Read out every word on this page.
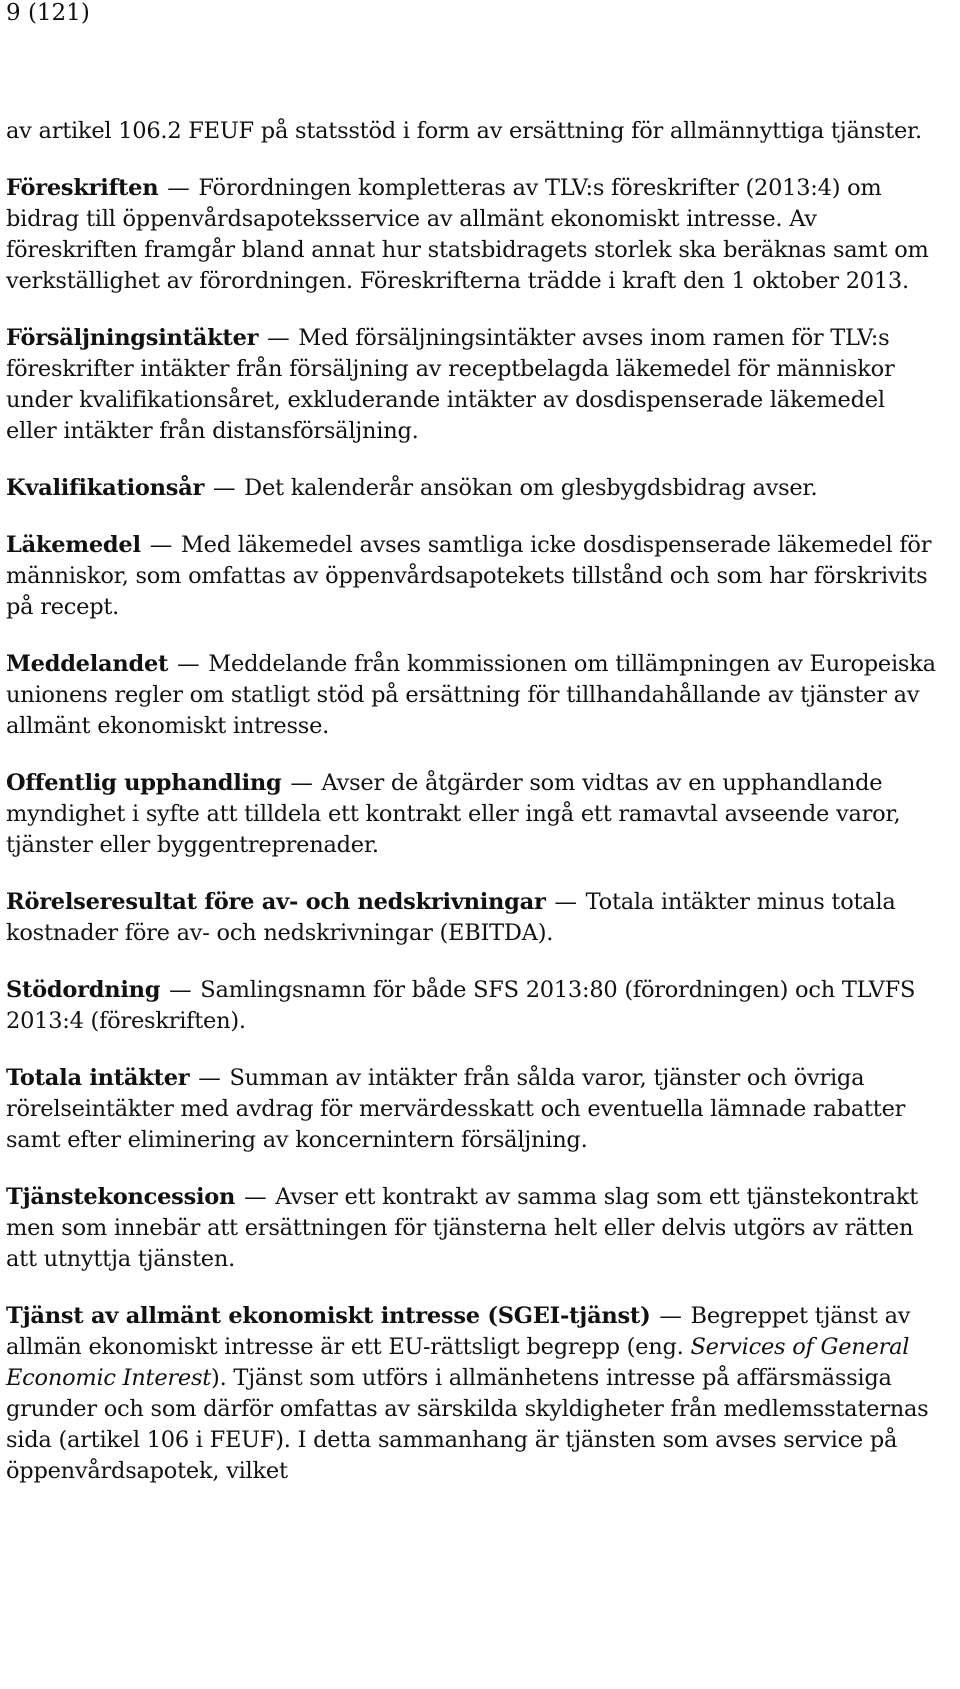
9 (121)

av artikel 106.2 FEUF på statsstöd i form av ersättning för allmännyttiga tjänster.

Föreskriften — Förordningen kompletteras av TLV:s föreskrifter (2013:4) om bidrag till öppenvårdsapoteksservice av allmänt ekonomiskt intresse. Av föreskriften framgår bland annat hur statsbidragets storlek ska beräknas samt om verkställighet av förordningen. Föreskrifterna trädde i kraft den 1 oktober 2013.

Försäljningsintäkter — Med försäljningsintäkter avses inom ramen för TLV:s föreskrifter intäkter från försäljning av receptbelagda läkemedel för människor under kvalifikationsåret, exkluderande intäkter av dosdispenserade läkemedel eller intäkter från distansförsäljning.

Kvalifikationsår — Det kalenderår ansökan om glesbygdsbidrag avser.

Läkemedel — Med läkemedel avses samtliga icke dosdispenserade läkemedel för människor, som omfattas av öppenvårdsapotekets tillstånd och som har förskrivits på recept.

Meddelandet — Meddelande från kommissionen om tillämpningen av Europeiska unionens regler om statligt stöd på ersättning för tillhandahållande av tjänster av allmänt ekonomiskt intresse.

Offentlig upphandling — Avser de åtgärder som vidtas av en upphandlande myndighet i syfte att tilldela ett kontrakt eller ingå ett ramavtal avseende varor, tjänster eller byggentreprenader.

Rörelseresultat före av- och nedskrivningar — Totala intäkter minus totala kostnader före av- och nedskrivningar (EBITDA).

Stödordning — Samlingsnamn för både SFS 2013:80 (förordningen) och TLVFS 2013:4 (föreskriften).

Totala intäkter — Summan av intäkter från sålda varor, tjänster och övriga rörelseintäkter med avdrag för mervärdesskatt och eventuella lämnade rabatter samt efter eliminering av koncernintern försäljning.

Tjänstekoncession — Avser ett kontrakt av samma slag som ett tjänstekontrakt men som innebär att ersättningen för tjänsterna helt eller delvis utgörs av rätten att utnyttja tjänsten.

Tjänst av allmänt ekonomiskt intresse (SGEI-tjänst) — Begreppet tjänst av allmän ekonomiskt intresse är ett EU-rättsligt begrepp (eng. Services of General Economic Interest). Tjänst som utförs i allmänhetens intresse på affärsmässiga grunder och som därför omfattas av särskilda skyldigheter från medlemsstaternas sida (artikel 106 i FEUF). I detta sammanhang är tjänsten som avses service på öppenvårdsapotek, vilket
